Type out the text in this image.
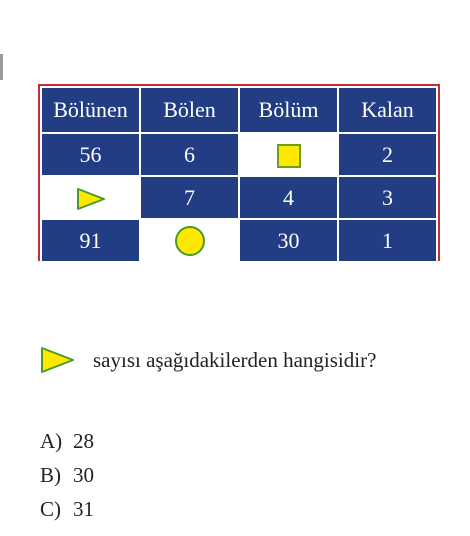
Bölünen	Bölen	Bölüm	Kalan
56	6		2
	7	4	3
91		30	1
sayısı aşağıdakilerden hangisidir?
A) 28
B) 30
C) 31
